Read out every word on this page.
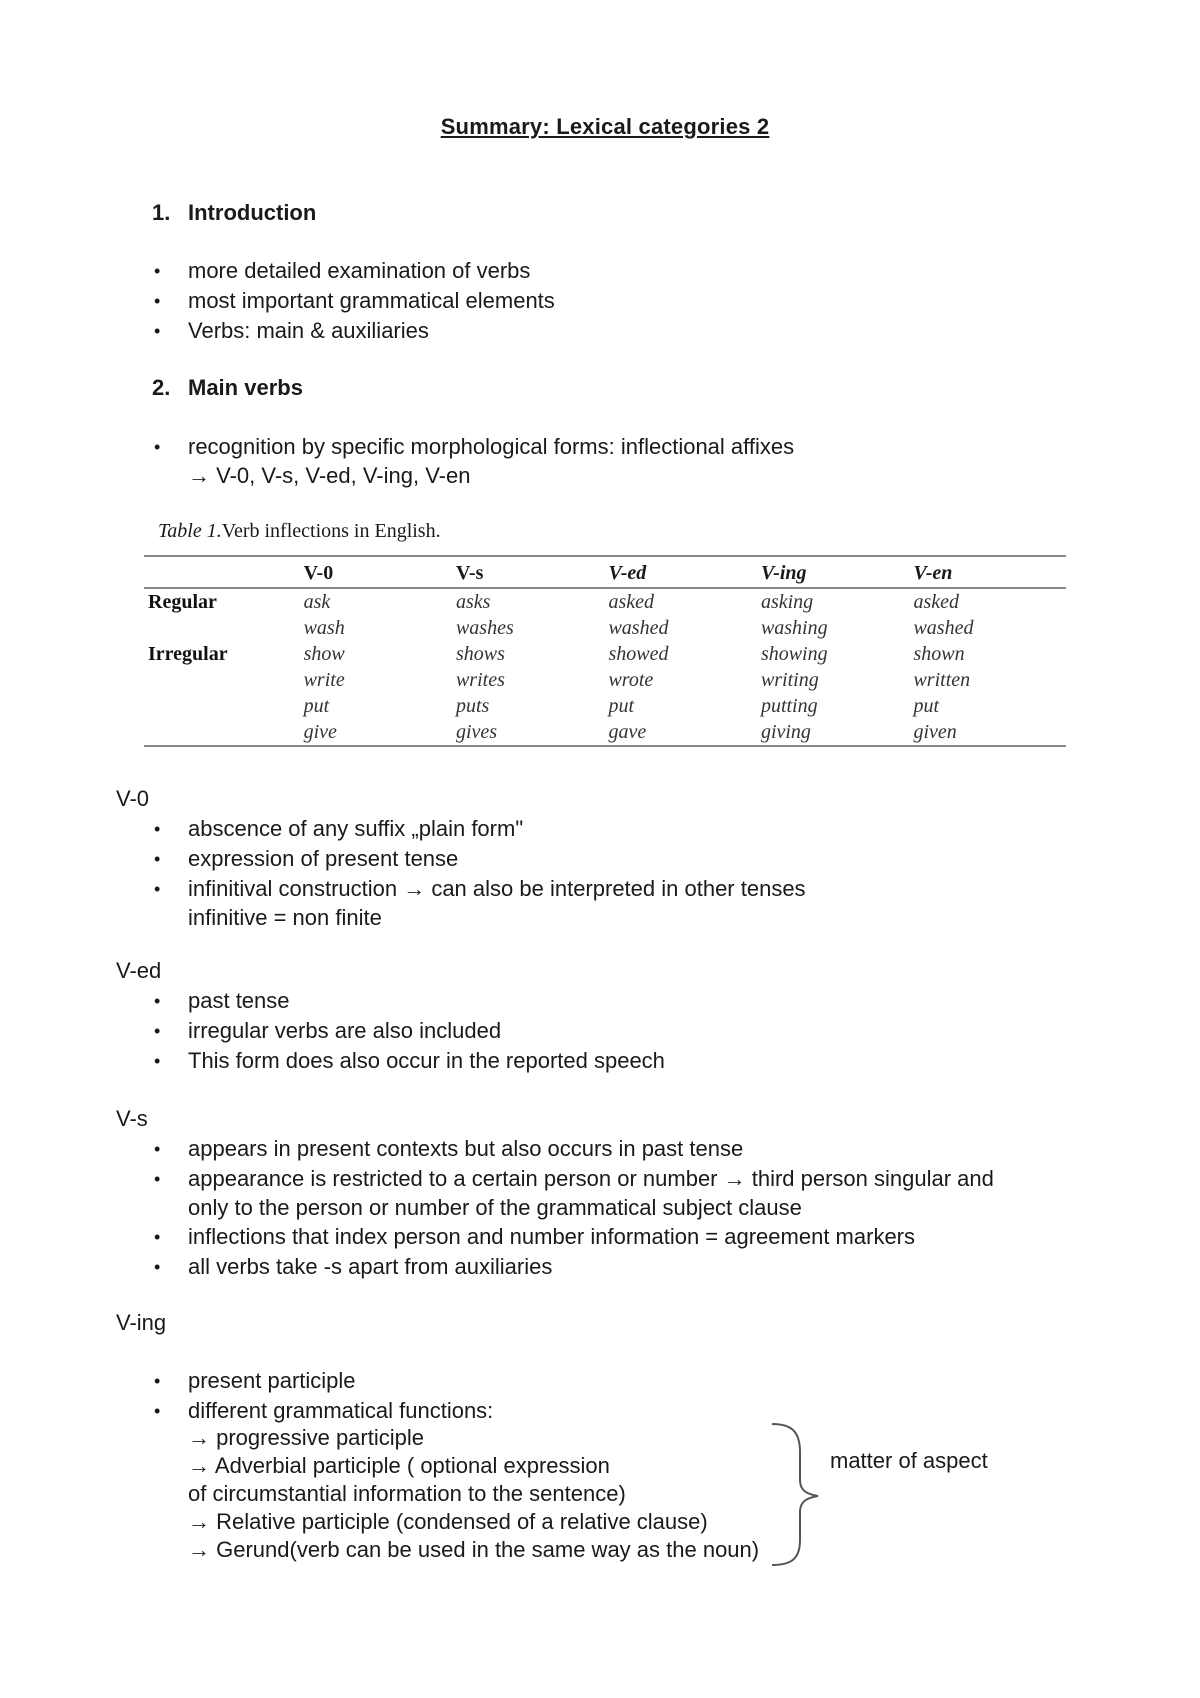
Summary: Lexical categories 2
1. Introduction
• more detailed examination of verbs
• most important grammatical elements
• Verbs: main & auxiliaries
2. Main verbs
• recognition by specific morphological forms: inflectional affixes
→ V-0, V-s, V-ed, V-ing, V-en
Table 1.Verb inflections in English.
	V-0	V-s	V-ed	V-ing	V-en
Regular	ask	asks	asked	asking	asked
	wash	washes	washed	washing	washed
Irregular	show	shows	showed	showing	shown
	write	writes	wrote	writing	written
	put	puts	put	putting	put
	give	gives	gave	giving	given
V-0
• abscence of any suffix „plain form"
• expression of present tense
• infinitival construction → can also be interpreted in other tenses
infinitive = non finite
V-ed
• past tense
• irregular verbs are also included
• This form does also occur in the reported speech
V-s
• appears in present contexts but also occurs in past tense
• appearance is restricted to a certain person or number → third person singular and
only to the person or number of the grammatical subject clause
• inflections that index person and number information = agreement markers
• all verbs take -s apart from auxiliaries
V-ing
• present participle
• different grammatical functions:
→ progressive participle
→ Adverbial participle ( optional expression
of circumstantial information to the sentence)
→ Relative participle (condensed of a relative clause)
→ Gerund(verb can be used in the same way as the noun)
matter of aspect
